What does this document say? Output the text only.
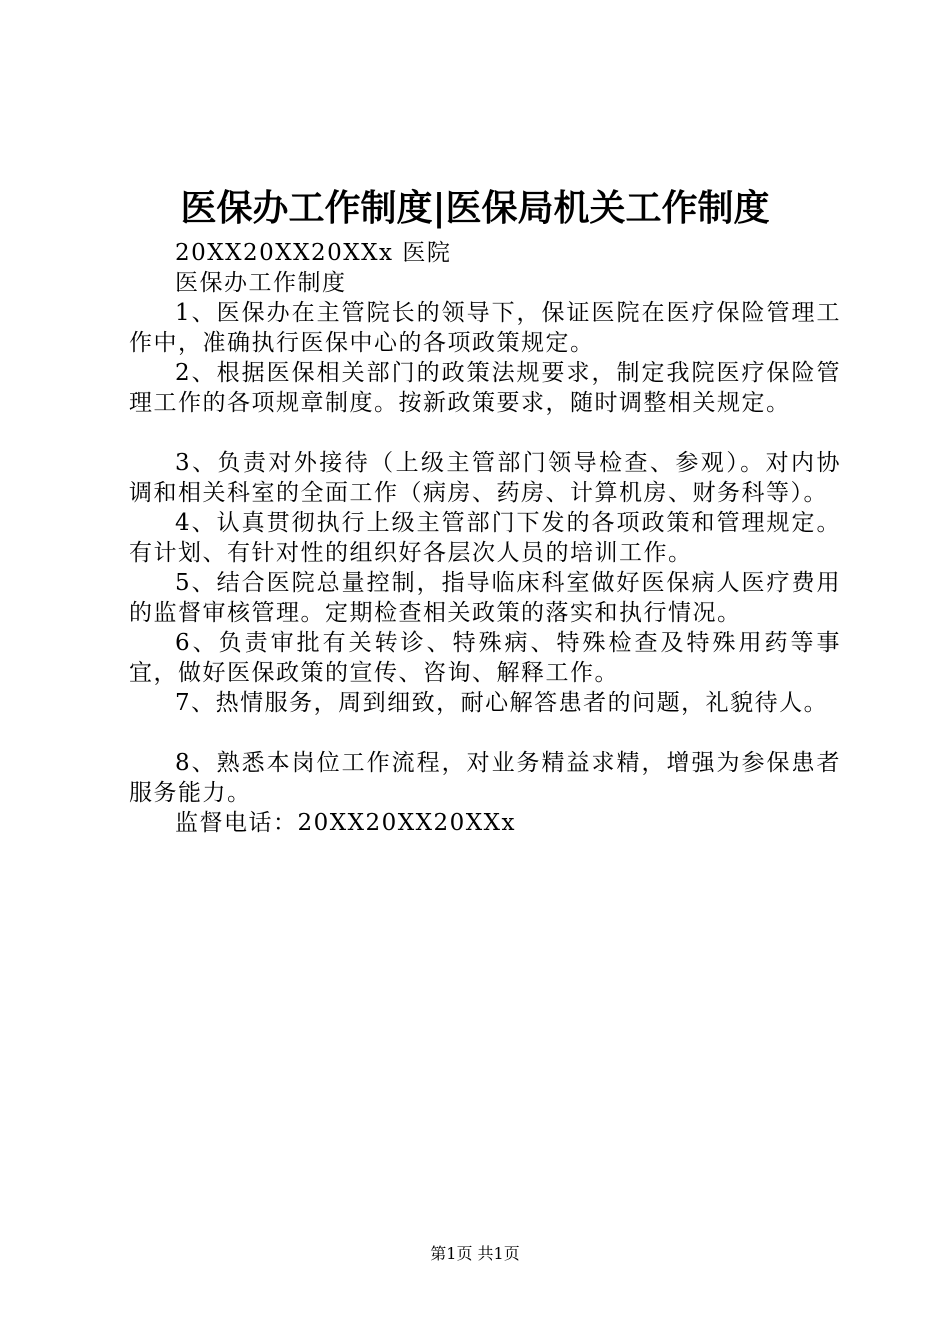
医保办工作制度|医保局机关工作制度

20XX20XX20XXx 医院

医保办工作制度

1、医保办在主管院长的领导下，保证医院在医疗保险管理工作中，准确执行医保中心的各项政策规定。

2、根据医保相关部门的政策法规要求，制定我院医疗保险管理工作的各项规章制度。按新政策要求，随时调整相关规定。

3、负责对外接待（上级主管部门领导检查、参观）。对内协调和相关科室的全面工作（病房、药房、计算机房、财务科等）。

4、认真贯彻执行上级主管部门下发的各项政策和管理规定。有计划、有针对性的组织好各层次人员的培训工作。

5、结合医院总量控制，指导临床科室做好医保病人医疗费用的监督审核管理。定期检查相关政策的落实和执行情况。

6、负责审批有关转诊、特殊病、特殊检查及特殊用药等事宜，做好医保政策的宣传、咨询、解释工作。

7、热情服务，周到细致，耐心解答患者的问题，礼貌待人。

8、熟悉本岗位工作流程，对业务精益求精，增强为参保患者服务能力。

监督电话：20XX20XX20XXx

第1页 共1页
